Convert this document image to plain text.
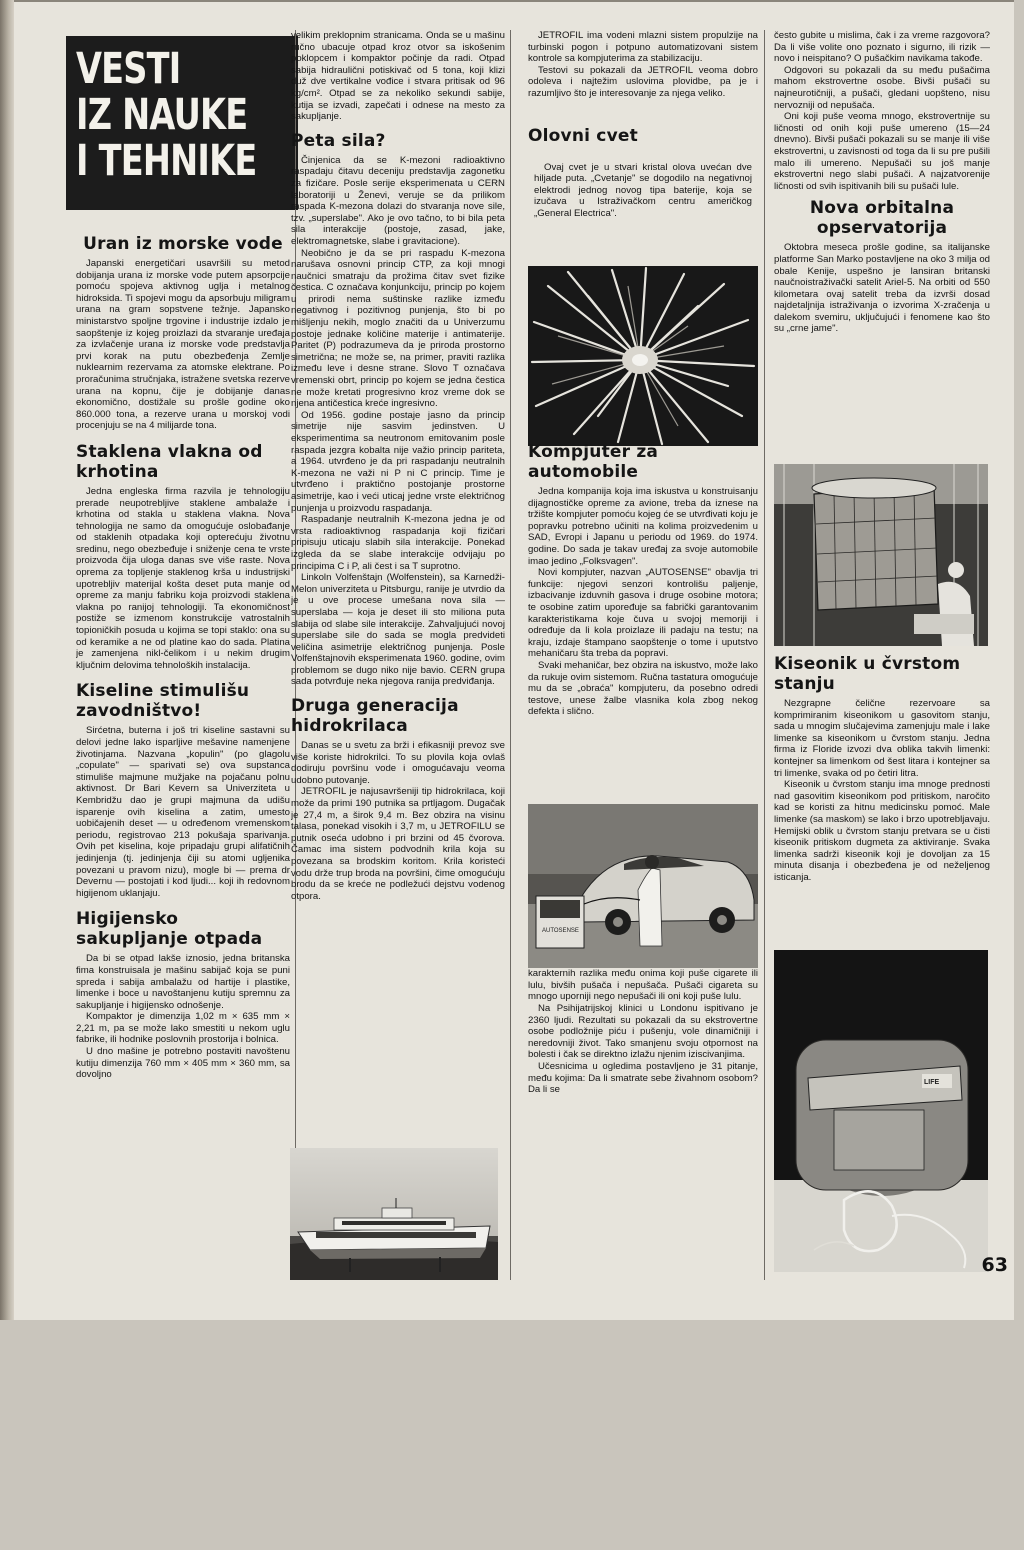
VESTI
IZ NAUKE
I TEHNIKE
Uran iz morske vode

Japanski energetičari usavršili su metod dobijanja urana iz morske vode putem apsorpcije pomoću spojeva aktivnog uglja i metalnog hidroksida. Ti spojevi mogu da apsorbuju miligram urana na gram sopstvene težnje. Japansko ministarstvo spoljne trgovine i industrije izdalo je saopštenje iz kojeg proizlazi da stvaranje uređaja za izvlačenje urana iz morske vode predstavlja prvi korak na putu obezbeđenja Zemlje nuklearnim rezervama za atomske elektrane. Po proračunima stručnjaka, istražene svetska rezerve urana na kopnu, čije je dobijanje danas ekonomično, dostižale su prošle godine oko 860.000 tona, a rezerve urana u morskoj vodi procenjuju se na 4 milijarde tona.

Staklena vlakna od krhotina

Jedna engleska firma razvila je tehnologiju prerade neupotrebljive staklene ambalaže i krhotina od stakla u staklena vlakna. Nova tehnologija ne samo da omogućuje oslobađanje od staklenih otpadaka koji opterećuju životnu sredinu, nego obezbeđuje i sniženje cena te vrste proizvoda čija uloga danas sve više raste. Nova oprema za topljenje staklenog krša u industrijski upotrebljiv materijal košta deset puta manje od opreme za manju fabriku koja proizvodi staklena vlakna po ranijoj tehnologiji. Ta ekonomičnost postiže se izmenom konstrukcije vatrostalnih topioničkih posuda u kojima se topi staklo: ona su od keramike a ne od platine kao do sada. Platina je zamenjena nikl-čelikom i u nekim drugim ključnim delovima tehnoloških instalacija.

Kiseline stimulišu zavodništvo!

Sirćetna, buterna i još tri kiseline sastavni su delovi jedne lako isparljive mešavine namenjene životinjama. Nazvana „kopulin" (po glagolu „copulate" — sparivati se) ova supstanca stimuliše majmune mužjake na pojačanu polnu aktivnost. Dr Bari Kevern sa Univerziteta u Kembridžu dao je grupi majmuna da udišu isparenje ovih kiselina a zatim, umesto uobičajenih deset — u određenom vremenskom periodu, registrovao 213 pokušaja sparivanja. Ovih pet kiselina, koje pripadaju grupi alifatičnih jedinjenja (tj. jedinjenja čiji su atomi ugljenika povezani u pravom nizu), mogle bi — prema dr Devernu — postojati i kod ljudi... koji ih redovnom higijenom uklanjaju.

Higijensko sakupljanje otpada

Da bi se otpad lakše iznosio, jedna britanska fima konstruisala je mašinu sabijač koja se puni spreda i sabija ambalažu od hartije i plastike, limenke i boce u navoštanjenu kutiju spremnu za sakupljanje i higijensko odnošenje.

Kompaktor je dimenzija 1,02 m × 635 mm × 2,21 m, pa se može lako smestiti u nekom uglu fabrike, ili hodnike poslovnih prostorija i bolnica.

U dno mašine je potrebno postaviti navoštenu kutiju dimenzija 760 mm × 405 mm × 360 mm, sa dovoljno

velikim preklopnim stranicama. Onda se u mašinu ručno ubacuje otpad kroz otvor sa iskošenim poklopcem i kompaktor počinje da radi. Otpad sabija hidraulični potiskivač od 5 tona, koji klizi duž dve vertikalne vođice i stvara pritisak od 96 kg/cm². Otpad se za nekoliko sekundi sabije, kutija se izvadi, zapečati i odnese na mesto za sakupljanje.

Peta sila?

Činjenica da se K-mezoni radioaktivno raspadaju čitavu deceniju predstavlja zagonetku za fizičare. Posle serije eksperimenata u CERN laboratoriji u Ženevi, veruje se da prilikom raspada K-mezona dolazi do stvaranja nove sile, tzv. „superslabe". Ako je ovo tačno, to bi bila peta sila interakcije (postoje, zasad, jake, elektromagnetske, slabe i gravitacione).

Neobično je da se pri raspadu K-mezona narušava osnovni princip CTP, za koji mnogi naučnici smatraju da prožima čitav svet fizike čestica. C označava konjunkciju, princip po kojem u prirodi nema suštinske razlike između negativnog i pozitivnog punjenja, što bi po mišljenju nekih, moglo značiti da u Univerzumu postoje jednake količine materije i antimaterije. Paritet (P) podrazumeva da je priroda prostorno simetrična; ne može se, na primer, praviti razlika između leve i desne strane. Slovo T označava vremenski obrt, princip po kojem se jedna čestica ne može kretati progresivno kroz vreme dok se njena antičestica kreće ingresivno.

Od 1956. godine postaje jasno da princip simetrije nije sasvim jedinstven. U eksperimentima sa neutronom emitovanim posle raspada jezgra kobalta nije važio princip pariteta, a 1964. utvrđeno je da pri raspadanju neutralnih K-mezona ne važi ni P ni C princip. Time je utvrđeno i praktično postojanje prostorne asimetrije, kao i veći uticaj jedne vrste električnog punjenja u proizvodu raspadanja.

Raspadanje neutralnih K-mezona jedna je od vrsta radioaktivnog raspadanja koji fizičari pripisuju uticaju slabih sila interakcije. Ponekad izgleda da se slabe interakcije odvijaju po principima C i P, ali čest i sa T suprotno.

Linkoln Volfenštajn (Wolfenstein), sa Karnedži-Melon univerziteta u Pitsburgu, ranije je utvrdio da je u ove procese umešana nova sila — superslaba — koja je deset ili sto miliona puta slabija od slabe sile interakcije. Zahvaljujući novoj superslabe sile do sada se mogla predvideti veličina asimetrije električnog punjenja. Posle Volfenštajnovih eksperimenata 1960. godine, ovim problemom se dugo niko nije bavio. CERN grupa sada potvrđuje neka njegova ranija predviđanja.

Druga generacija hidrokrilaca

Danas se u svetu za brži i efikasniji prevoz sve više koriste hidrokrilci. To su plovila koja ovlaš dodiruju površinu vode i omogućavaju veoma udobno putovanje.

JETROFIL je najusavršeniji tip hidrokrilaca, koji može da primi 190 putnika sa prtljagom. Dugačak je 27,4 m, a širok 9,4 m. Bez obzira na visinu talasa, ponekad visokih i 3,7 m, u JETROFILU se putnik oseća udobno i pri brzini od 45 čvorova. Čamac ima sistem podvodnih krila koja su povezana sa brodskim koritom. Krila koristeći vodu drže trup broda na površini, čime omogućuju brodu da se kreće ne podležući dejstvu vodenog otpora.

JETROFIL ima vodeni mlazni sistem propulzije na turbinski pogon i potpuno automatizovani sistem kontrole sa kompjuterima za stabilizaciju.

Testovi su pokazali da JETROFIL veoma dobro odoleva i najtežim uslovima plovidbe, pa je i razumljivo što je interesovanje za njega veliko.

Olovni cvet

Ovaj cvet je u stvari kristal olova uvećan dve hiljade puta. „Cvetanje" se dogodilo na negativnoj elektrodi jednog novog tipa baterije, koja se izučava u Istraživačkom centru američkog „General Electrica".

Kompjuter za automobile

Jedna kompanija koja ima iskustva u konstruisanju dijagnostičke opreme za avione, treba da iznese na tržište kompjuter pomoću kojeg će se utvrđivati koju je popravku potrebno učiniti na kolima proizvedenim u SAD, Evropi i Japanu u periodu od 1969. do 1974. godine. Do sada je takav uređaj za svoje automobile imao jedino „Folksvagen".

Novi kompjuter, nazvan „AUTOSENSE" obavlja tri funkcije: njegovi senzori kontrolišu paljenje, izbacivanje izduvnih gasova i druge osobine motora; te osobine zatim upoređuje sa fabrički garantovanim karakteristikama koje čuva u svojoj memoriji i određuje da li kola proizlaze ili padaju na testu; na kraju, izdaje štampano saopštenje o tome i uputstvo mehaničaru šta treba da popravi.

Svaki mehaničar, bez obzira na iskustvo, može lako da rukuje ovim sistemom. Ručna tastatura omogućuje mu da se „obraća" kompjuteru, da posebno odredi testove, unese žalbe vlasnika kola zbog nekog defekta i slično.

karakternih razlika među onima koji puše cigarete ili lulu, bivših pušača i nepušača. Pušači cigareta su mnogo uporniji nego nepušači ili oni koji puše lulu.

Na Psihijatrijskoj klinici u Londonu ispitivano je 2360 ljudi. Rezultati su pokazali da su ekstrovertne osobe podložnije piću i pušenju, vole dinamičniji i neredovniji život. Tako smanjenu svoju otpornost na bolesti i čak se direktno izlažu njenim iziscivanjima.

Učesnicima u ogledima postavljeno je 31 pitanje, među kojima: Da li smatrate sebe živahnom osobom? Da li se

AUTOSENSE

često gubite u mislima, čak i za vreme razgovora? Da li više volite ono poznato i sigurno, ili rizik — novo i neispitano? O pušačkim navikama takođe.

Odgovori su pokazali da su među pušačima mahom ekstrovertne osobe. Bivši pušači su najneurotičniji, a pušači, gledani uopšteno, nisu nervozniji od nepušača.

Oni koji puše veoma mnogo, ekstrovertnije su ličnosti od onih koji puše umereno (15—24 dnevno). Bivši pušači pokazali su se manje ili više ekstrovertni, u zavisnosti od toga da li su pre pušili malo ili umereno. Nepušači su još manje ekstrovertni nego slabi pušači. A najzatvorenije ličnosti od svih ispitivanih bili su pušači lule.

Nova orbitalna opservatorija

Oktobra meseca prošle godine, sa italijanske platforme San Marko postavljene na oko 3 milja od obale Kenije, uspešno je lansiran britanski naučnoistraživački satelit Ariel-5. Na orbiti od 550 kilometara ovaj satelit treba da izvrši dosad najdetaljnija istraživanja o izvorima X-zračenja u dalekom svemiru, uključujući i fenomene kao što su „crne jame".

Kiseonik u čvrstom stanju

Nezgrapne čelične rezervoare sa komprimiranim kiseonikom u gasovitom stanju, sada u mnogim slučajevima zamenjuju male i lake limenke sa kiseonikom u čvrstom stanju. Jedna firma iz Floride izvozi dva oblika takvih limenki: kontejner sa limenkom od šest litara i kontejner sa tri limenke, svaka od po četiri litra.

Kiseonik u čvrstom stanju ima mnoge prednosti nad gasovitim kiseonikom pod pritiskom, naročito kad se koristi za hitnu medicinsku pomoć. Male limenke (sa maskom) se lako i brzo upotrebljavaju. Hemijski oblik u čvrstom stanju pretvara se u čisti kiseonik pritiskom dugmeta za aktiviranje. Svaka limenka sadrži kiseonik koji je dovoljan za 15 minuta disanja i obezbeđena je od neželjenog isticanja.

LIFE
63
